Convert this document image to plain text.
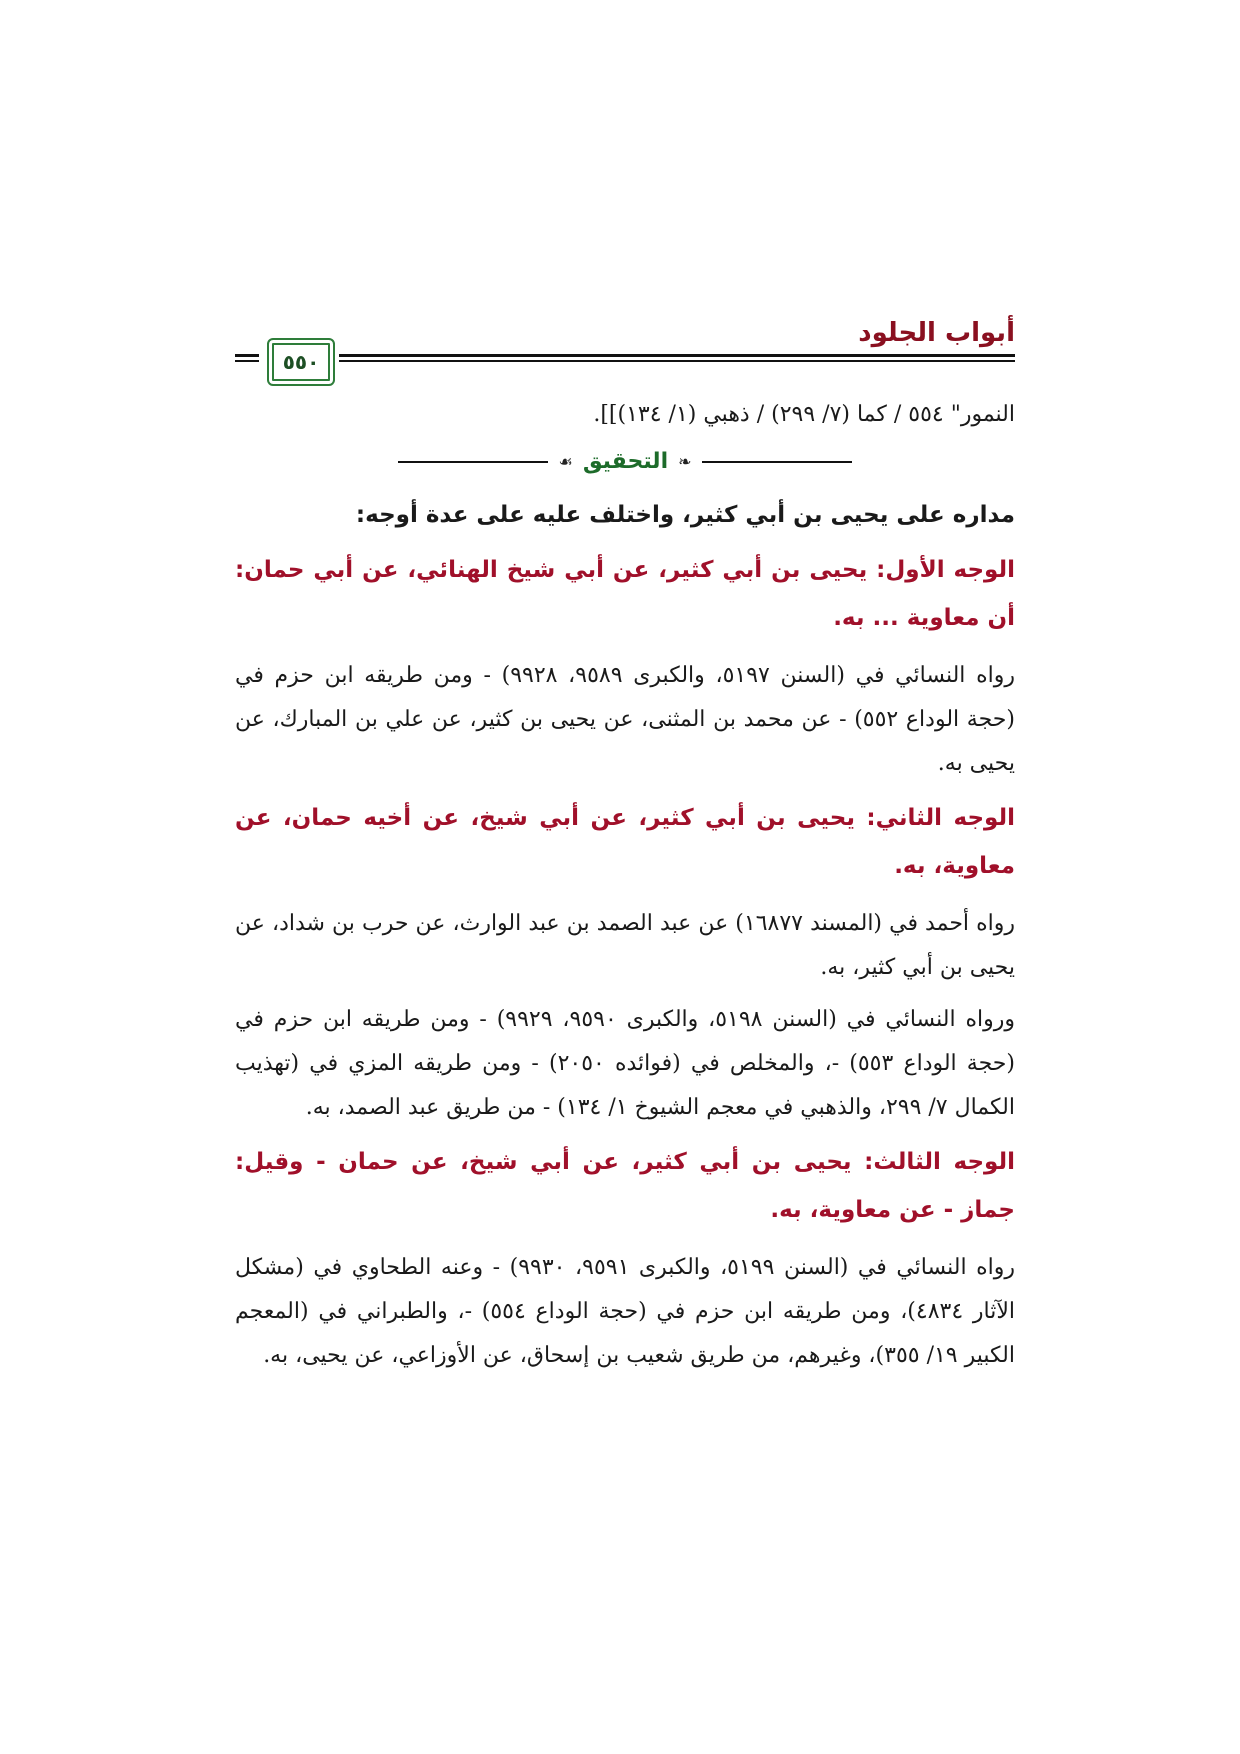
أبواب الجلود
٥٥٠

النمور" ٥٥٤ / كما (٧/ ٢٩٩) / ذهبي (١/ ١٣٤)]].

❧
التحقيق
☙

مداره على يحيى بن أبي كثير، واختلف عليه على عدة أوجه:

الوجه الأول: يحيى بن أبي كثير، عن أبي شيخ الهنائي، عن أبي حمان: أن معاوية ... به.

رواه النسائي في (السنن ٥١٩٧، والكبرى ٩٥٨٩، ٩٩٢٨) - ومن طريقه ابن حزم في (حجة الوداع ٥٥٢) - عن محمد بن المثنى، عن يحيى بن كثير، عن علي بن المبارك، عن يحيى به.

الوجه الثاني: يحيى بن أبي كثير، عن أبي شيخ، عن أخيه حمان، عن معاوية، به.

رواه أحمد في (المسند ١٦٨٧٧) عن عبد الصمد بن عبد الوارث، عن حرب بن شداد، عن يحيى بن أبي كثير، به.

ورواه النسائي في (السنن ٥١٩٨، والكبرى ٩٥٩٠، ٩٩٢٩) - ومن طريقه ابن حزم في (حجة الوداع ٥٥٣) -، والمخلص في (فوائده ٢٠٥٠) - ومن طريقه المزي في (تهذيب الكمال ٧/ ٢٩٩، والذهبي في معجم الشيوخ ١/ ١٣٤) - من طريق عبد الصمد، به.

الوجه الثالث: يحيى بن أبي كثير، عن أبي شيخ، عن حمان - وقيل: جماز - عن معاوية، به.

رواه النسائي في (السنن ٥١٩٩، والكبرى ٩٥٩١، ٩٩٣٠) - وعنه الطحاوي في (مشكل الآثار ٤٨٣٤)، ومن طريقه ابن حزم في (حجة الوداع ٥٥٤) -، والطبراني في (المعجم الكبير ١٩/ ٣٥٥)، وغيرهم، من طريق شعيب بن إسحاق، عن الأوزاعي، عن يحيى، به.
